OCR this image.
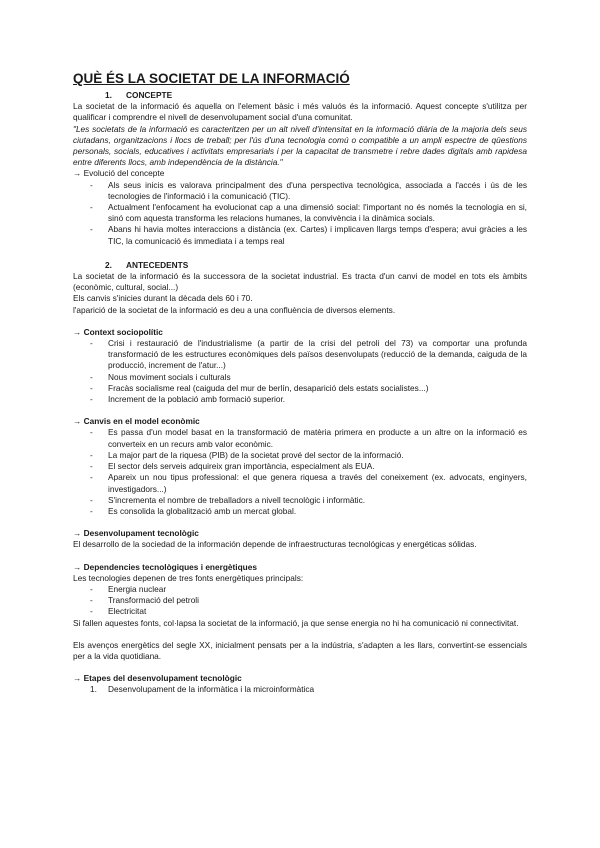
QUÈ ÉS LA SOCIETAT DE LA INFORMACIÓ
1.	CONCEPTE

La societat de la informació és aquella on l'element bàsic i més valuós és la informació. Aquest concepte s'utilitza per qualificar i comprendre el nivell de desenvolupament social d'una comunitat.

"Les societats de la informació es caracteritzen per un alt nivell d'intensitat en la informació diària de la majoria dels seus ciutadans, organitzacions i llocs de treball; per l'ús d'una tecnologia comú o compatible a un ampli espectre de qüestions personals, socials, educatives i activitats empresarials i per la capacitat de transmetre i rebre dades digitals amb rapidesa entre diferents llocs, amb independència de la distància."

→ Evolució del concepte

-	Als seus inicis es valorava principalment des d'una perspectiva tecnològica, associada a l'accés i ús de les tecnologies de l'informació i la comunicació (TIC).
-	Actualment l'enfocament ha evolucionat cap a una dimensió social: l'important no és només la tecnologia en si, sinó com aquesta transforma les relacions humanes, la convivència i la dinàmica socials.
-	Abans hi havia moltes interaccions a distància (ex. Cartes) i implicaven llargs temps d'espera; avui gràcies a les TIC, la comunicació és immediata i a temps real
2.	ANTECEDENTS

La societat de la informació és la successora de la societat industrial. Es tracta d'un canvi de model en tots els àmbits (econòmic, cultural, social...)

Els canvis s'inicies durant la dècada dels 60 i 70.

l'aparició de la societat de la informació es deu a una confluència de diversos elements.

→ Context sociopolític

-	Crisi i restauració de l'industrialisme (a partir de la crisi del petroli del 73) va comportar una profunda transformació de les estructures econòmiques dels països desenvolupats (reducció de la demanda, caiguda de la producció, increment de l'atur...)
-	Nous moviment socials i culturals
-	Fracàs socialisme real (caiguda del mur de berlín, desaparició dels estats socialistes...)
-	Increment de la població amb formació superior.

→ Canvis en el model econòmic

-	Es passa d'un model basat en la transformació de matèria primera en producte a un altre on la informació es converteix en un recurs amb valor econòmic.
-	La major part de la riquesa (PIB) de la societat prové del sector de la informació.
-	El sector dels serveis adquireix gran importància, especialment als EUA.
-	Apareix un nou tipus professional: el que genera riquesa a través del coneixement (ex. advocats, enginyers, investigadors...)
-	S'incrementa el nombre de treballadors a nivell tecnològic i informàtic.
-	Es consolida la globalització amb un mercat global.

→ Desenvolupament tecnològic

El desarrollo de la sociedad de la información depende de infraestructuras tecnológicas y energéticas sólidas.

→ Dependencies tecnològiques i energètiques

Les tecnologies depenen de tres fonts energètiques principals:

-	Energia nuclear
-	Transformació del petroli
-	Electricitat

Si fallen aquestes fonts, col·lapsa la societat de la informació, ja que sense energia no hi ha comunicació ni connectivitat.

Els avenços energètics del segle XX, inicialment pensats per a la indústria, s'adapten a les llars, convertint-se essencials per a la vida quotidiana.

→ Etapes del desenvolupament tecnològic

1.	Desenvolupament de la informàtica i la microinformàtica
